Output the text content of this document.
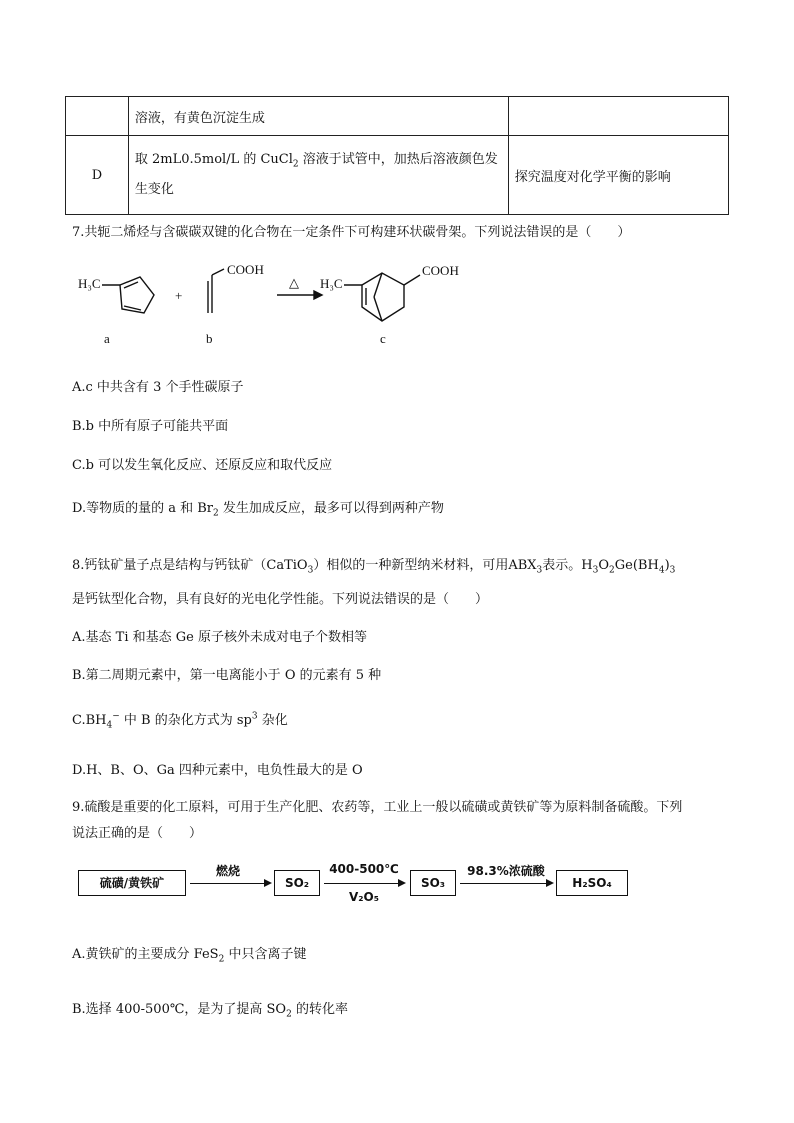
	溶液，有黄色沉淀生成	
D	取 2mL0.5mol/L 的 CuCl$_2$ 溶液于试管中，加热后溶液颜色发
生变化	探究温度对化学平衡的影响
7.共轭二烯烃与含碳碳双键的化合物在一定条件下可构建环状碳骨架。下列说法错误的是（　　）
H₃C
COOH
+
△ H₃C
COOH
a	b	c
A.c 中共含有 3 个手性碳原子
B.b 中所有原子可能共平面
C.b 可以发生氧化反应、还原反应和取代反应
D.等物质的量的 a 和 $Br_2$ 发生加成反应，最多可以得到两种产物
8.钙钛矿量子点是结构与钙钛矿（CaTiO$_3$）相似的一种新型纳米材料，可用$ABX_3$表示。$H_3O_2Ge(BH_4)_3$
是钙钛型化合物，具有良好的光电化学性能。下列说法错误的是（　　）
A.基态 Ti 和基态 Ge 原子核外未成对电子个数相等
B.第二周期元素中，第一电离能小于 O 的元素有 5 种
$C.BH_4^-$ 中 B 的杂化方式为 $sp^3$ 杂化
D.H、B、O、Ga 四种元素中，电负性最大的是 O
9.硫酸是重要的化工原料，可用于生产化肥、农药等，工业上一般以硫磺或黄铁矿等为原料制备硫酸。下列
说法正确的是（　　）
硫磺/黄铁矿
燃烧
SO₂
400-500℃
V₂O₅
SO₃
98.3%浓硫酸
H₂SO₄
A.黄铁矿的主要成分 FeS$_2$ 中只含离子键
B.选择 400-500℃，是为了提高 $SO_2$ 的转化率
